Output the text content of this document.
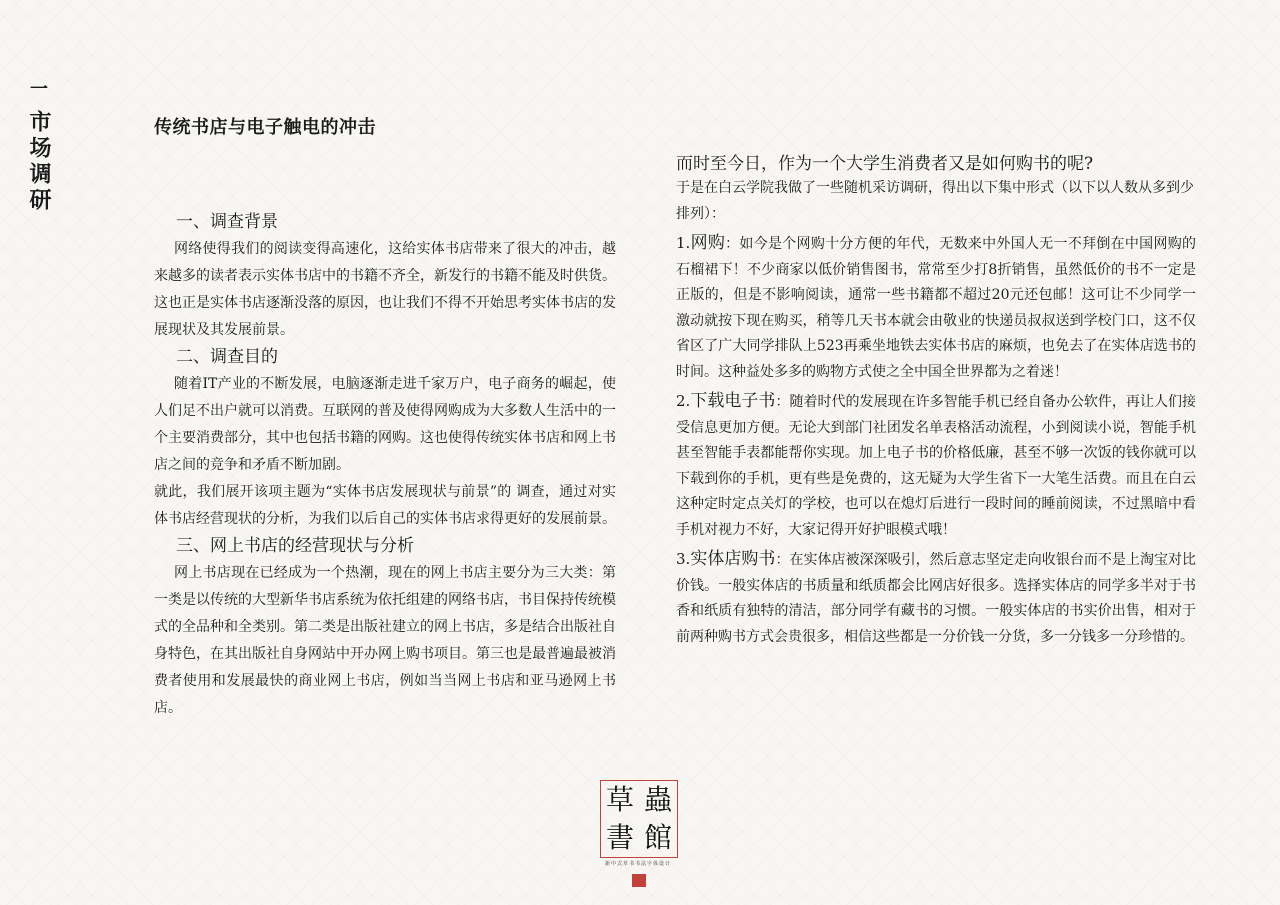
一
市场调研	传统书店与电子触电的冲击
一、调查背景

网络使得我们的阅读变得高速化，这给实体书店带来了很大的冲击，越来越多的读者表示实体书店中的书籍不齐全，新发行的书籍不能及时供货。这也正是实体书店逐渐没落的原因，也让我们不得不开始思考实体书店的发展现状及其发展前景。

二、调查目的

随着IT产业的不断发展，电脑逐渐走进千家万户，电子商务的崛起，使人们足不出户就可以消费。互联网的普及使得网购成为大多数人生活中的一个主要消费部分，其中也包括书籍的网购。这也使得传统实体书店和网上书店之间的竞争和矛盾不断加剧。

就此，我们展开该项主题为“实体书店发展现状与前景”的 调查，通过对实体书店经营现状的分析，为我们以后自己的实体书店求得更好的发展前景。

三、网上书店的经营现状与分析

网上书店现在已经成为一个热潮，现在的网上书店主要分为三大类：第一类是以传统的大型新华书店系统为依托组建的网络书店，书目保持传统模式的全品种和全类别。第二类是出版社建立的网上书店，多是结合出版社自身特色，在其出版社自身网站中开办网上购书项目。第三也是最普遍最被消费者使用和发展最快的商业网上书店，例如当当网上书店和亚马逊网上书店。

而时至今日，作为一个大学生消费者又是如何购书的呢?
于是在白云学院我做了一些随机采访调研，得出以下集中形式（以下以人数从多到少排列）：
1.网购：如今是个网购十分方便的年代，无数来中外国人无一不拜倒在中国网购的石榴裙下！不少商家以低价销售图书，常常至少打8折销售，虽然低价的书不一定是正版的，但是不影响阅读，通常一些书籍都不超过20元还包邮！这可让不少同学一激动就按下现在购买，稍等几天书本就会由敬业的快递员叔叔送到学校门口，这不仅省区了广大同学排队上523再乘坐地铁去实体书店的麻烦，也免去了在实体店选书的时间。这种益处多多的购物方式使之全中国全世界都为之着迷！
2.下载电子书：随着时代的发展现在许多智能手机已经自备办公软件，再让人们接受信息更加方便。无论大到部门社团发名单表格活动流程，小到阅读小说，智能手机甚至智能手表都能帮你实现。加上电子书的价格低廉，甚至不够一次饭的钱你就可以下载到你的手机，更有些是免费的，这无疑为大学生省下一大笔生活费。而且在白云这种定时定点关灯的学校，也可以在熄灯后进行一段时间的睡前阅读，不过黑暗中看手机对视力不好，大家记得开好护眼模式哦！
3.实体店购书：在实体店被深深吸引，然后意志坚定走向收银台而不是上淘宝对比价钱。一般实体店的书质量和纸质都会比网店好很多。选择实体店的同学多半对于书香和纸质有独特的清洁，部分同学有藏书的习惯。一般实体店的书实价出售，相对于前两种购书方式会贵很多，相信这些都是一分价钱一分货，多一分钱多一分珍惜的。
草 蟲
書 館
新中式草书书法字体设计
